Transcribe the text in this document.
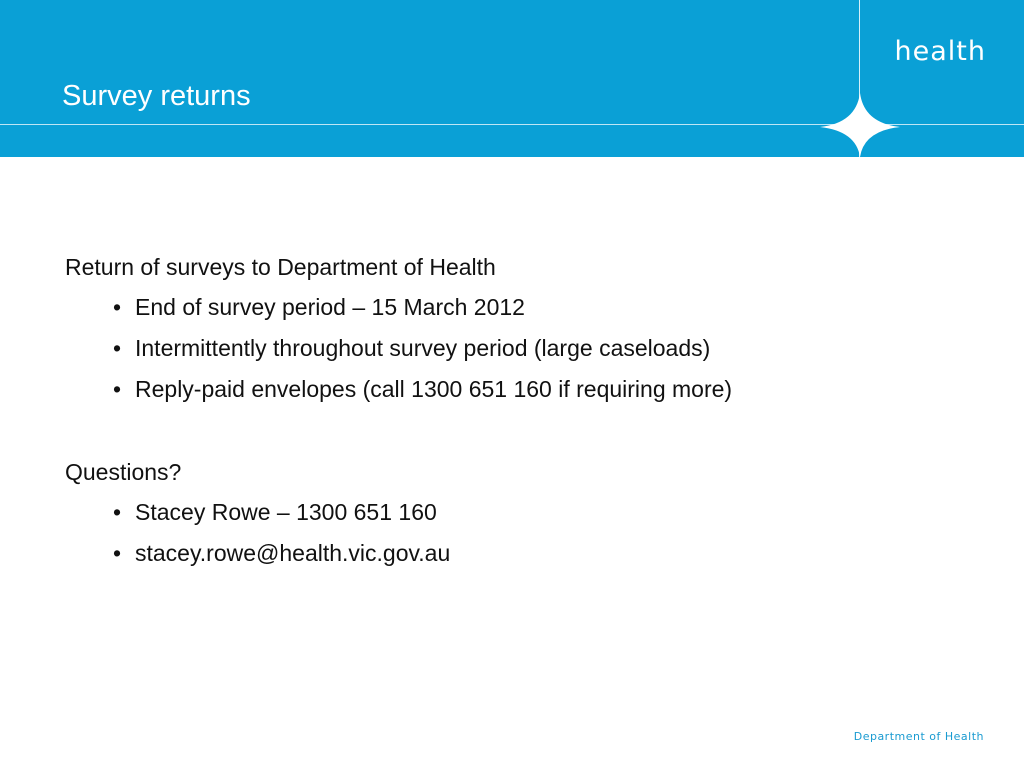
health
Survey returns
Return of surveys to Department of Health
• End of survey period – 15 March 2012
• Intermittently throughout survey period (large caseloads)
• Reply-paid envelopes (call 1300 651 160 if requiring more)
Questions?
• Stacey Rowe – 1300 651 160
• stacey.rowe@health.vic.gov.au
Department of Health
